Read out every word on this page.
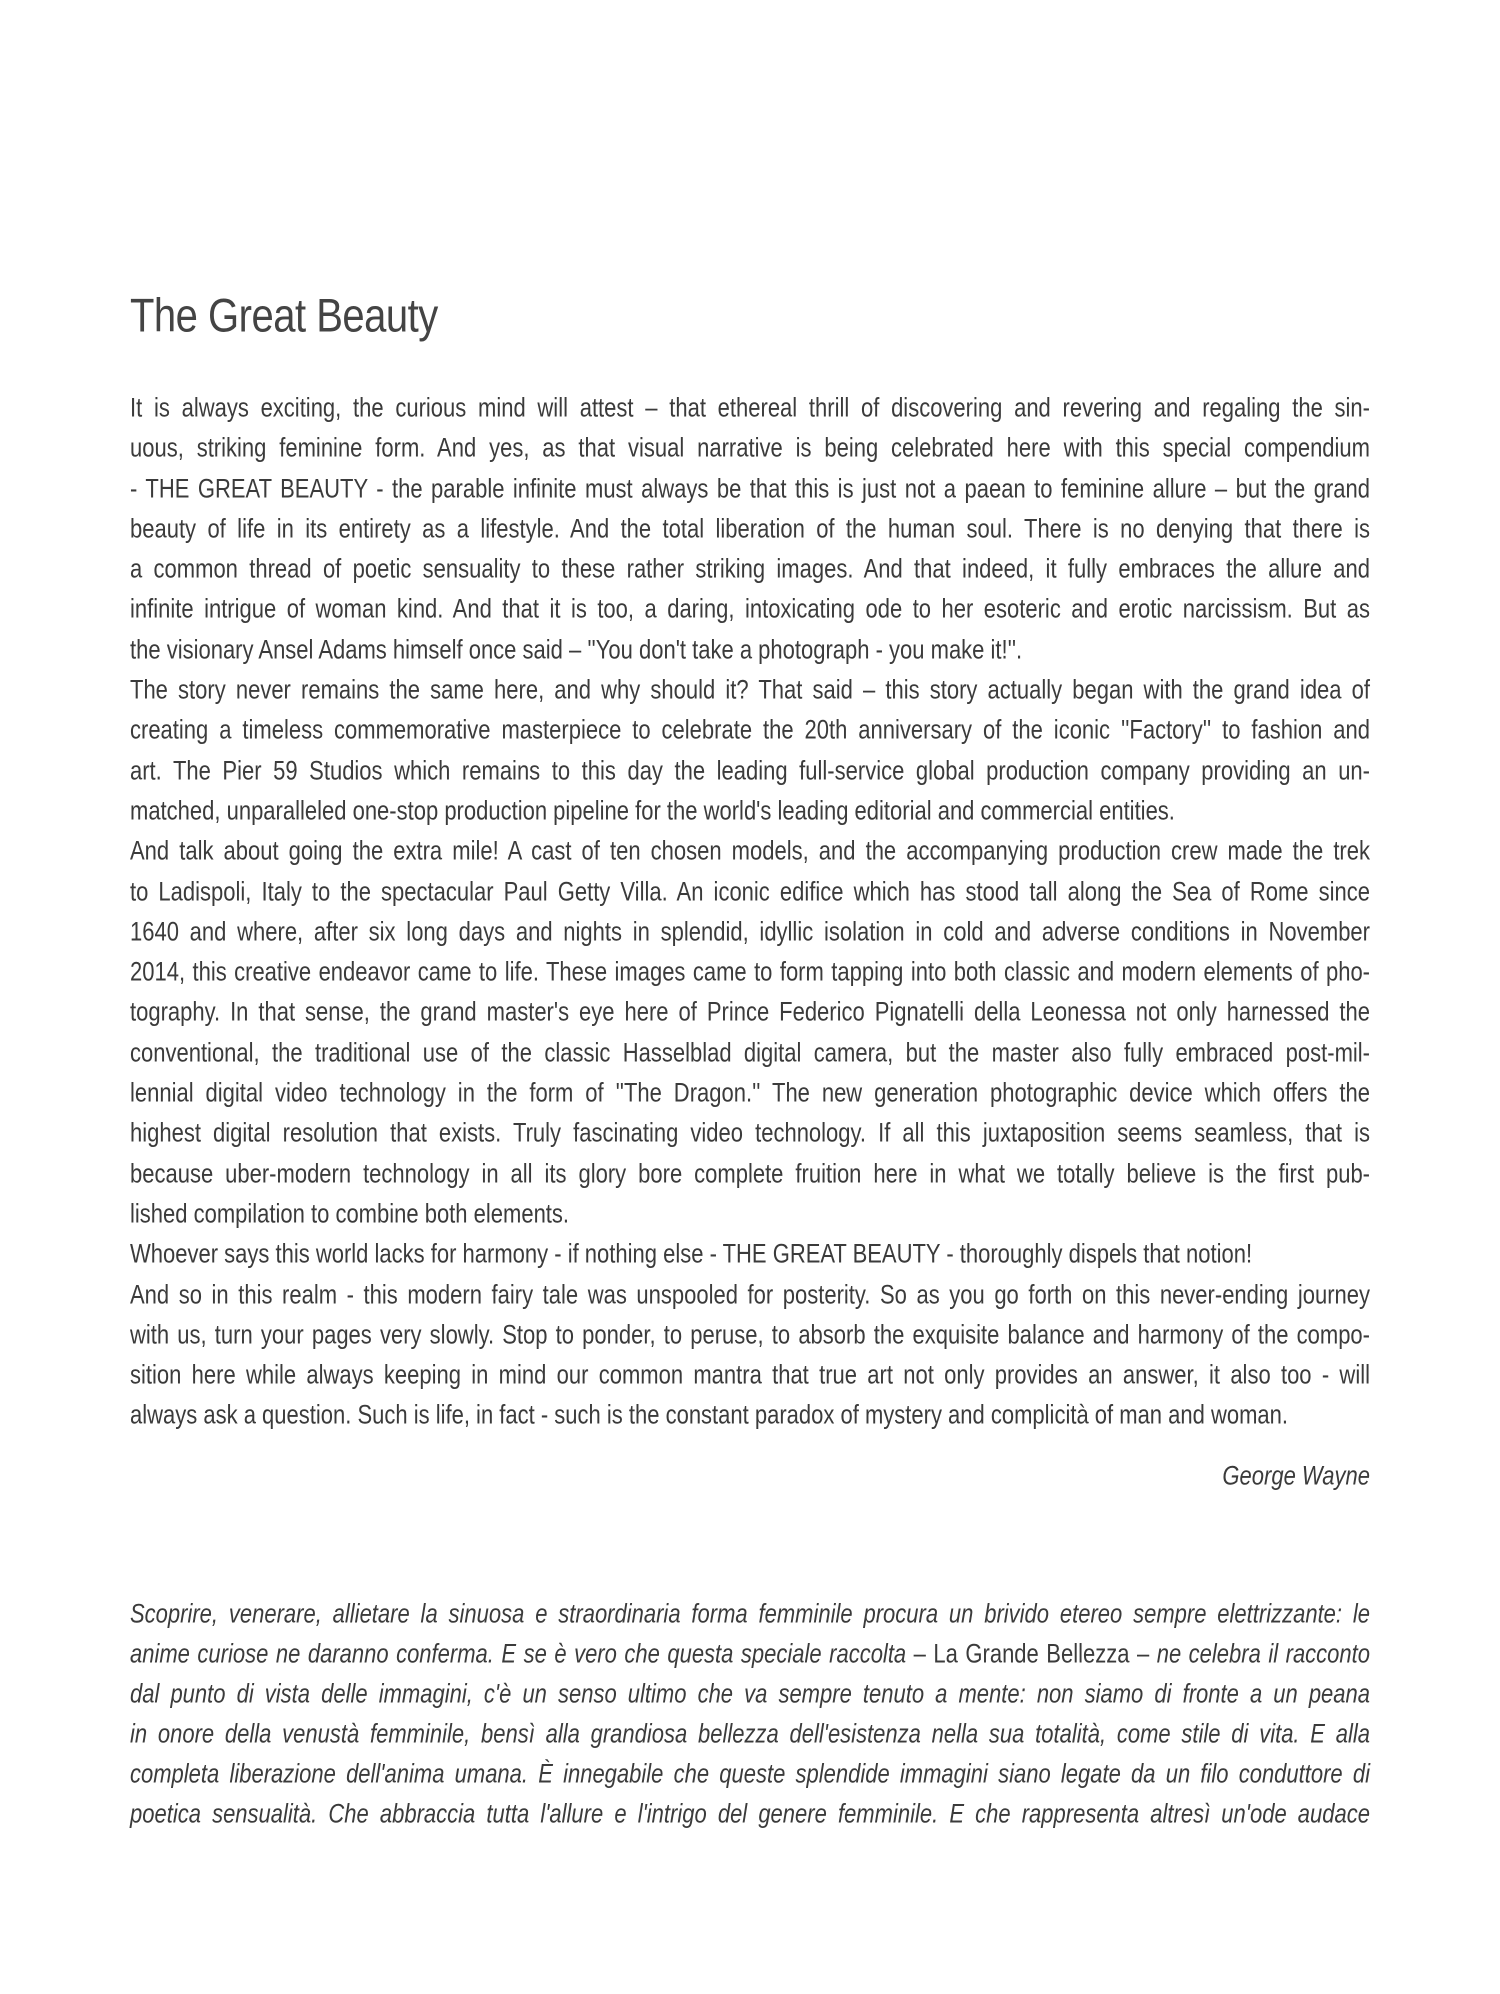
The Great Beauty
It is always exciting, the curious mind will attest – that ethereal thrill of discovering and revering and regaling the sin-
uous, striking feminine form. And yes, as that visual narrative is being celebrated here with this special compendium
- THE GREAT BEAUTY - the parable infinite must always be that this is just not a paean to feminine allure – but the grand
beauty of life in its entirety as a lifestyle. And the total liberation of the human soul. There is no denying that there is
a common thread of poetic sensuality to these rather striking images. And that indeed, it fully embraces the allure and
infinite intrigue of woman kind. And that it is too, a daring, intoxicating ode to her esoteric and erotic narcissism. But as
the visionary Ansel Adams himself once said – ''You don't take a photograph - you make it!''.
The story never remains the same here, and why should it? That said – this story actually began with the grand idea of
creating a timeless commemorative masterpiece to celebrate the 20th anniversary of the iconic ''Factory'' to fashion and
art. The Pier 59 Studios which remains to this day the leading full-service global production company providing an un-
matched, unparalleled one-stop production pipeline for the world's leading editorial and commercial entities.
And talk about going the extra mile! A cast of ten chosen models, and the accompanying production crew made the trek
to Ladispoli, Italy to the spectacular Paul Getty Villa. An iconic edifice which has stood tall along the Sea of Rome since
1640 and where, after six long days and nights in splendid, idyllic isolation in cold and adverse conditions in November
2014, this creative endeavor came to life. These images came to form tapping into both classic and modern elements of pho-
tography. In that sense, the grand master's eye here of Prince Federico Pignatelli della Leonessa not only harnessed the
conventional, the traditional use of the classic Hasselblad digital camera, but the master also fully embraced post-mil-
lennial digital video technology in the form of ''The Dragon.'' The new generation photographic device which offers the
highest digital resolution that exists. Truly fascinating video technology. If all this juxtaposition seems seamless, that is
because uber-modern technology in all its glory bore complete fruition here in what we totally believe is the first pub-
lished compilation to combine both elements.
Whoever says this world lacks for harmony - if nothing else - THE GREAT BEAUTY - thoroughly dispels that notion!
And so in this realm - this modern fairy tale was unspooled for posterity. So as you go forth on this never-ending journey
with us, turn your pages very slowly. Stop to ponder, to peruse, to absorb the exquisite balance and harmony of the compo-
sition here while always keeping in mind our common mantra that true art not only provides an answer, it also too - will
always ask a question. Such is life, in fact - such is the constant paradox of mystery and complicità of man and woman.
George Wayne
Scoprire, venerare, allietare la sinuosa e straordinaria forma femminile procura un brivido etereo sempre elettrizzante: le
anime curiose ne daranno conferma. E se è vero che questa speciale raccolta – La Grande Bellezza – ne celebra il racconto
dal punto di vista delle immagini, c'è un senso ultimo che va sempre tenuto a mente: non siamo di fronte a un peana
in onore della venustà femminile, bensì alla grandiosa bellezza dell'esistenza nella sua totalità, come stile di vita. E alla
completa liberazione dell'anima umana. È innegabile che queste splendide immagini siano legate da un filo conduttore di
poetica sensualità. Che abbraccia tutta l'allure e l'intrigo del genere femminile. E che rappresenta altresì un'ode audace
